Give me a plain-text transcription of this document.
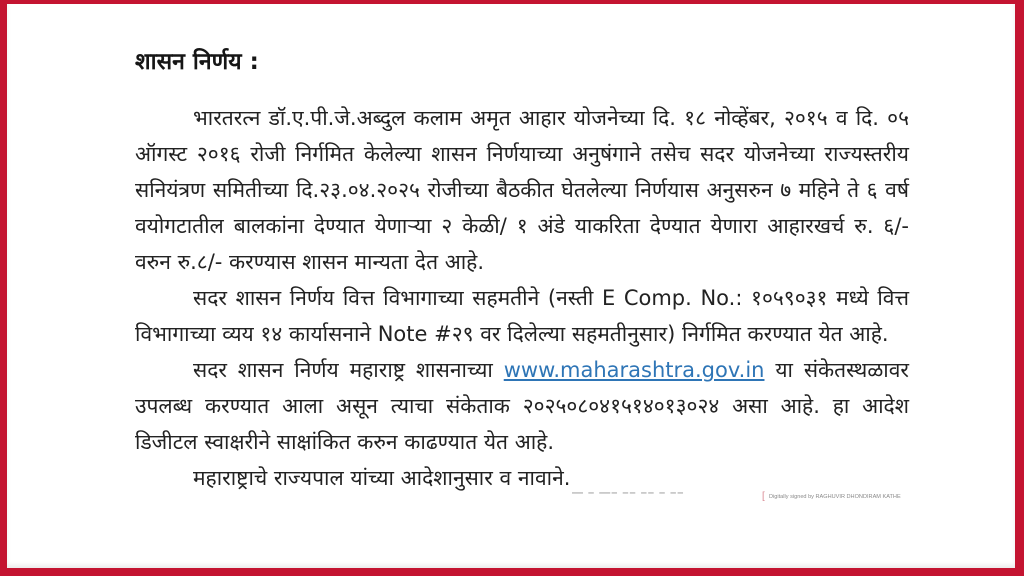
शासन निर्णय :

भारतरत्न डॉ.ए.पी.जे.अब्दुल कलाम अमृत आहार योजनेच्या दि. १८ नोव्हेंबर, २०१५ व दि. ०५ ऑगस्ट २०१६ रोजी निर्गमित केलेल्या शासन निर्णयाच्या अनुषंगाने तसेच सदर योजनेच्या राज्यस्तरीय सनियंत्रण समितीच्या दि.२३.०४.२०२५ रोजीच्या बैठकीत घेतलेल्या निर्णयास अनुसरुन ७ महिने ते ६ वर्ष वयोगटातील बालकांना देण्यात येणाऱ्या २ केळी/ १ अंडे याकरिता देण्यात येणारा आहारखर्च रु. ६/- वरुन रु.८/- करण्यास शासन मान्यता देत आहे.

सदर शासन निर्णय वित्त विभागाच्या सहमतीने (नस्ती E Comp. No.: १०५९०३१ मध्ये वित्त विभागाच्या व्यय १४ कार्यासनाने Note #२९ वर दिलेल्या सहमतीनुसार) निर्गमित करण्यात येत आहे.

सदर शासन निर्णय महाराष्ट्र शासनाच्या www.maharashtra.gov.in या संकेतस्थळावर उपलब्ध करण्यात आला असून त्याचा संकेताक २०२५०८०४१५१४०१३०२४ असा आहे. हा आदेश डिजीटल स्वाक्षरीने साक्षांकित करुन काढण्यात येत आहे.

महाराष्ट्राचे राज्यपाल यांच्या आदेशानुसार व नावाने.

— – —– –– –– – ––	[ Digitally signed by RAGHUVIR DHONDIRAM KATHE
